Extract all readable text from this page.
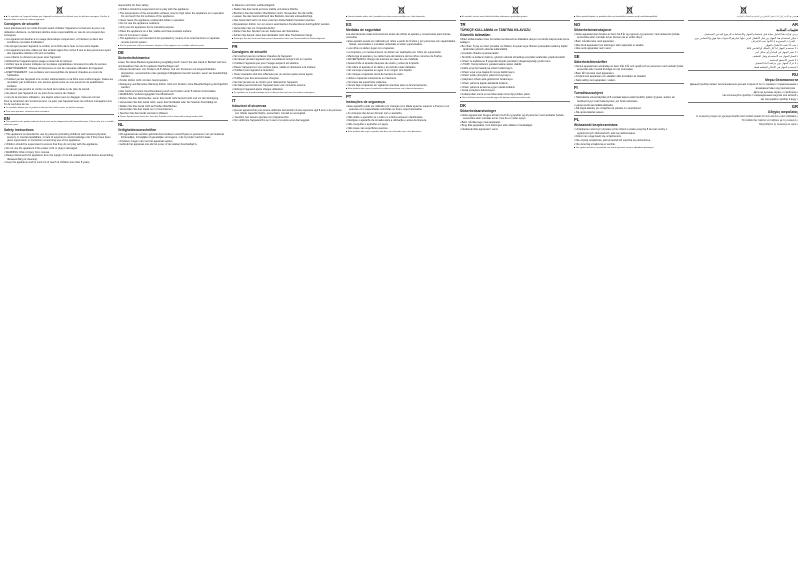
■ ■ Ce symbole sur l'appareil indique que l'appareil ne doit pas être éliminé avec les déchets ménagers. Veuillez le déposer dans un point de collecte approprié.
Consignes de sécurité
Lisez attentivement ce mode d'emploi avant d'utiliser l'appareil et conservez-le pour une utilisation ultérieure. Le fabricant décline toute responsabilité en cas de non-respect des consignes.
• Cet appareil est destiné à un usage domestique uniquement, à l'intérieur et dans des conditions normales d'utilisation.
• Ne plongez jamais l'appareil, le cordon ou la fiche dans l'eau ou tout autre liquide.
• Cet appareil peut être utilisé par des enfants âgés d'au moins 8 ans et des personnes ayant des capacités réduites s'ils sont surveillés.
• Les enfants ne doivent pas jouer avec l'appareil.
• Débranchez l'appareil après usage et avant de le nettoyer.
• Vérifiez que la tension indiquée sur la plaque signalétique correspond à celle du secteur.
• AVERTISSEMENT : Risque de blessures en cas de mauvaise utilisation de l'appareil.
• AVERTISSEMENT : Les surfaces sont susceptibles de devenir chaudes au cours de l'utilisation.
• N'utilisez jamais l'appareil si le cordon d'alimentation ou la fiche sont endommagés. Faites-les remplacer par le fabricant, son service après-vente ou une personne de qualification similaire.
• Ne laissez pas pendre le cordon au bord de la table ou du plan de travail.
• Ne placez pas l'appareil sur ou près d'une source de chaleur.
• Lors de la première utilisation, une légère odeur peut se dégager. Cela est normal.
Pour la protection de l'environnement, ne jetez pas l'appareil avec les ordures ménagères à la fin de sa durée de vie.
■ Ce symbole indique que ce produit ne doit pas être traité comme un déchet ménager.
■ Pour toute question, contactez votre revendeur.
EN
■ This symbol on the product indicates that it must not be disposed of with household waste. Please take it to a suitable collection point.
Safety Instructions
• This appliance is intended for use by persons (including children) with reduced physical, sensory or mental capabilities, or lack of experience and knowledge only if they have been given supervision or instruction concerning use of the appliance.
• Children should be supervised to ensure that they do not play with the appliance.
• Do not use the appliance if the power cord or plug is damaged.
• WARNING: Risk of injury from misuse.
• Always disconnect the appliance from the supply if it is left unattended and before assembling, disassembling or cleaning.
• Keep the appliance and its cord out of reach of children less than 8 years.
responsible for their safety.
• Children should be supervised not to play with the appliance.
• The temperature of the accessible surfaces may be high when the appliance is in operation. Do not touch the hot surfaces of the appliance.
• Never leave the appliance unattended while in operation.
• Do not use the appliance outdoors.
• Only use the appliance for its intended purpose.
• Place the appliance on a flat, stable and heat-resistant surface.
• Do not immerse in water.
• The appliance is not intended to be operated by means of an external timer or separate remote-control system.
■ For the protection of the environment, dispose of the appliance at a suitable collection point.
DE
Sicherheitshinweise
Lesen Sie diese Bedienungsanleitung sorgfältig durch, bevor Sie das Gerät in Betrieb nehmen, und bewahren Sie sie für späteres Nachschlagen auf.
• Dieses Gerät kann von Kindern ab 8 Jahren und von Personen mit eingeschränkten physischen, sensorischen oder geistigen Fähigkeiten benutzt werden, wenn sie beaufsichtigt werden.
• Kinder dürfen nicht mit dem Gerät spielen.
• Reinigung und Benutzer-Wartung dürfen nicht von Kindern ohne Beaufsichtigung durchgeführt werden.
• Das Gerät und seine Anschlussleitung sind von Kindern unter 8 Jahren fernzuhalten.
• WARNUNG: Verletzungsgefahr bei Missbrauch.
• Ziehen Sie den Netzstecker, wenn das Gerät nicht benutzt wird und vor der Reinigung.
• Verwenden Sie das Gerät nicht, wenn das Netzkabel oder der Stecker beschädigt ist.
• Stellen Sie das Gerät nicht auf heiße Oberflächen.
• Verwenden Sie das Gerät nur in Innenräumen.
• Tauchen Sie das Gerät niemals in Wasser.
■ Dieses Symbol weist darauf hin, dass das Produkt nicht im Hausmüll entsorgt werden darf.
NL
Veiligheidsvoorschriften
• Dit apparaat kan worden gebruikt door kinderen vanaf 8 jaar en personen met verminderde lichamelijke, zintuiglijke of geestelijke vermogens, mits zij onder toezicht staan.
• Kinderen mogen niet met het apparaat spelen.
• Gebruik het apparaat niet als het snoer of de stekker beschadigd is.
in Räumen mit hoher Luftfeuchtigkeit.
• Stellen Sie das Gerät auf eine stabile und ebene Fläche.
• Berühren Sie die heißen Oberflächen nicht. Verwenden Sie die Griffe.
• Lassen Sie das Gerät während des Betriebs niemals unbeaufsichtigt.
• Das Gerät darf nicht mit einer externen Zeitschaltuhr betrieben werden.
• Reparaturen dürfen nur von einem autorisierten Kundendienst durchgeführt werden.
• Verwenden Sie nur Originalzubehör.
• Ziehen Sie den Stecker nie am Kabel aus der Steckdose.
• Achten Sie darauf, dass das Netzkabel nicht über Tischkanten hängt.
■ Entsorgen Sie das Gerät am Ende seiner Lebensdauer über eine Sammelstelle für Elektroaltgeräte.
FR
Consignes de sécurité
• Ne touchez pas les surfaces chaudes de l'appareil.
• Ne laissez jamais l'appareil sans surveillance lorsqu'il est en marche.
• N'utilisez l'appareil que pour l'usage auquel il est destiné.
• Placez l'appareil sur une surface plane, stable et résistante à la chaleur.
• N'utilisez pas l'appareil à l'extérieur.
• Toute réparation doit être effectuée par un service après-vente agréé.
• N'utilisez que des accessoires d'origine.
• Ne tirez jamais sur le cordon pour débrancher l'appareil.
• Ne faites pas fonctionner l'appareil avec une minuterie externe.
• Nettoyez l'appareil après chaque utilisation.
■ Ce symbole sur le produit indique qu'il ne doit pas être jeté avec les ordures ménagères.
IT
Istruzioni di sicurezza
• Questo apparecchio può essere utilizzato da bambini di età superiore agli 8 anni e da persone con ridotte capacità fisiche, sensoriali o mentali se sorvegliati.
• I bambini non devono giocare con l'apparecchio.
• Non utilizzare l'apparecchio se il cavo o la spina sono danneggiati.
■ Questo simbolo indica che il prodotto non deve essere smaltito con i rifiuti domestici.
ES
Medidas de seguridad
Lea atentamente estas instrucciones antes de utilizar el aparato y consérvelas para futuras consultas.
• Este aparato puede ser utilizado por niños a partir de 8 años y por personas con capacidades físicas, sensoriales o mentales reducidas si están supervisados.
• Los niños no deben jugar con el aparato.
• La limpieza y el mantenimiento no deben ser realizados por niños sin supervisión.
• Mantenga el aparato y su cable fuera del alcance de los niños menores de 8 años.
• ADVERTENCIA: Riesgo de lesiones en caso de uso indebido.
• Desenchufe el aparato después de usarlo y antes de limpiarlo.
• No utilice el aparato si el cable o el enchufe están dañados.
• No sumerja el aparato en agua ni en ningún otro líquido.
• No coloque el aparato cerca de fuentes de calor.
• Utilice el aparato únicamente en interiores.
• No toque las superficies calientes.
• Nunca deje el aparato sin vigilancia mientras esté en funcionamiento.
■ Este símbolo indica que el producto no debe desecharse con la basura doméstica.
PT
Instruções de segurança
• Este aparelho pode ser utilizado por crianças com idade igual ou superior a 8 anos e por pessoas com capacidades reduzidas se forem supervisionadas.
• As crianças não devem brincar com o aparelho.
• Não utilize o aparelho se o cabo ou a ficha estiverem danificados.
• Desligue o aparelho da tomada após a utilização e antes da limpeza.
• Não mergulhe o aparelho em água.
• Não toque nas superfícies quentes.
■ Este símbolo indica que o produto não deve ser eliminado com o lixo doméstico.
■ Bu sembol, ürünün evsel atıklarla birlikte atılmaması gerektiğini gösterir.
TR
TÜRKÇE KULLANMA ve TANITMA KILAVUZU
Güvenlik talimatları
Cihazı kullanmadan önce bu kullanma kılavuzunu dikkatlice okuyun ve ileride başvurmak üzere saklayın.
• Bu cihaz, 8 yaş ve üzeri çocuklar ve fiziksel, duyusal veya zihinsel yetenekleri azalmış kişiler tarafından gözetim altında kullanılabilir.
• Çocuklar cihazla oynamamalıdır.
• Temizlik ve kullanıcı bakımı, gözetim altında olmadıkça çocuklar tarafından yapılmamalıdır.
• Cihazı ve kablosunu 8 yaşından küçük çocukların ulaşamayacağı yerde tutun.
• UYARI: Yanlış kullanım yaralanmalara neden olabilir.
• Kablo veya fiş hasarlıysa cihazı kullanmayın.
• Cihazı suya veya başka bir sıvıya daldırmayın.
• Cihazı sıcak yüzeylerin yakınına koymayın.
• Çalışırken cihazı asla gözetimsiz bırakmayın.
• Cihazı yalnızca kapalı alanlarda kullanın.
• Cihazı yalnızca amacına uygun olarak kullanın.
• Sıcak yüzeylere dokunmayın.
• Kullanımdan sonra ve temizlemeden önce fişi prizden çekin.
■ Ürünü kullanım ömrünün sonunda uygun bir toplama noktasına teslim edin.
DK
Sikkerhedsanvisninger
• Dette apparat kan bruges af børn fra 8 år og opefter og af personer med nedsatte fysiske, sensoriske eller mentale evner, hvis de er under opsyn.
• Børn må ikke lege med apparatet.
• Brug ikke apparatet, hvis ledningen eller stikket er beskadiget.
• Nedsænk ikke apparatet i vand.
■ Dette symbol betyder, at produktet ikke må bortskaffes sammen med husholdningsaffald.
NO
Sikkerhetsinstruksjoner
• Dette apparatet kan brukes av barn fra 8 år og oppover og personer med reduserte fysiske, sensoriske eller mentale evner dersom de er under tilsyn.
• Barn må ikke leke med apparatet.
• Ikke bruk apparatet hvis ledningen eller støpselet er skadet.
• Ikke senk apparatet ned i vann.
SE
Säkerhetsföreskrifter
• Denna apparat kan användas av barn från 8 år och uppåt och av personer med nedsatt fysisk, sensorisk eller mental förmåga om de övervakas.
• Barn får inte leka med apparaten.
• Använd inte apparaten om sladden eller kontakten är skadad.
• Sänk aldrig ned apparaten i vatten.
FI
Turvallisuusohjeet
• Tätä laitetta voivat käyttää yli 8-vuotiaat lapset sekä henkilöt, joiden fyysiset, aistien tai henkiset kyvyt ovat heikentyneet, jos heitä valvotaan.
• Lapset eivät saa leikkiä laitteella.
• Älä käytä laitetta, jos virtajohto tai pistoke on vaurioitunut.
• Älä upota laitetta veteen.
PL
Wskazówki bezpieczeństwa
• Urządzenie może być używane przez dzieci w wieku powyżej 8 lat oraz osoby o ograniczonych zdolnościach, jeśli są nadzorowane.
• Dzieci nie mogą bawić się urządzeniem.
• Nie używaj urządzenia, jeśli przewód lub wtyczka są uszkodzone.
• Nie zanurzaj urządzenia w wodzie.
■ Ten symbol oznacza, że produktu nie wolno wyrzucać razem z odpadami domowymi.
■ يشير هذا الرمز إلى أنه لا ينبغي التخلص من المنتج مع النفايات المنزلية.
AR
تعليمات السلامة
يرجى قراءة هذا الدليل بعناية قبل استخدام الجهاز والاحتفاظ به للرجوع إليه في المستقبل.
• يمكن استخدام هذا الجهاز من قبل الأطفال الذين تبلغ أعمارهم 8 سنوات فما فوق والأشخاص ذوي القدرات المحدودة إذا كانوا تحت الإشراف.
• يجب ألا يلعب الأطفال بالجهاز.
• لا تستخدم الجهاز إذا كان السلك أو القابس تالفًا.
• لا تغمر الجهاز في الماء أو أي سائل آخر.
• افصل الجهاز بعد الاستخدام وقبل التنظيف.
• لا تلمس الأسطح الساخنة.
• لا تترك الجهاز دون مراقبة أثناء التشغيل.
• استخدم الجهاز في الأماكن المغلقة فقط.
RU
Меры безопасности
• Данный прибор может использоваться детьми старше 8 лет и лицами с ограниченными возможностями под присмотром.
• Дети не должны играть с прибором.
• Не используйте прибор с поврежденным шнуром или вилкой.
• Не погружайте прибор в воду.
GR
Οδηγίες ασφαλείας
• Η συσκευή μπορεί να χρησιμοποιηθεί από παιδιά ηλικίας 8 ετών και άνω υπό επίβλεψη.
• Τα παιδιά δεν πρέπει να παίζουν με τη συσκευή.
• Μη βυθίζετε τη συσκευή σε νερό.
